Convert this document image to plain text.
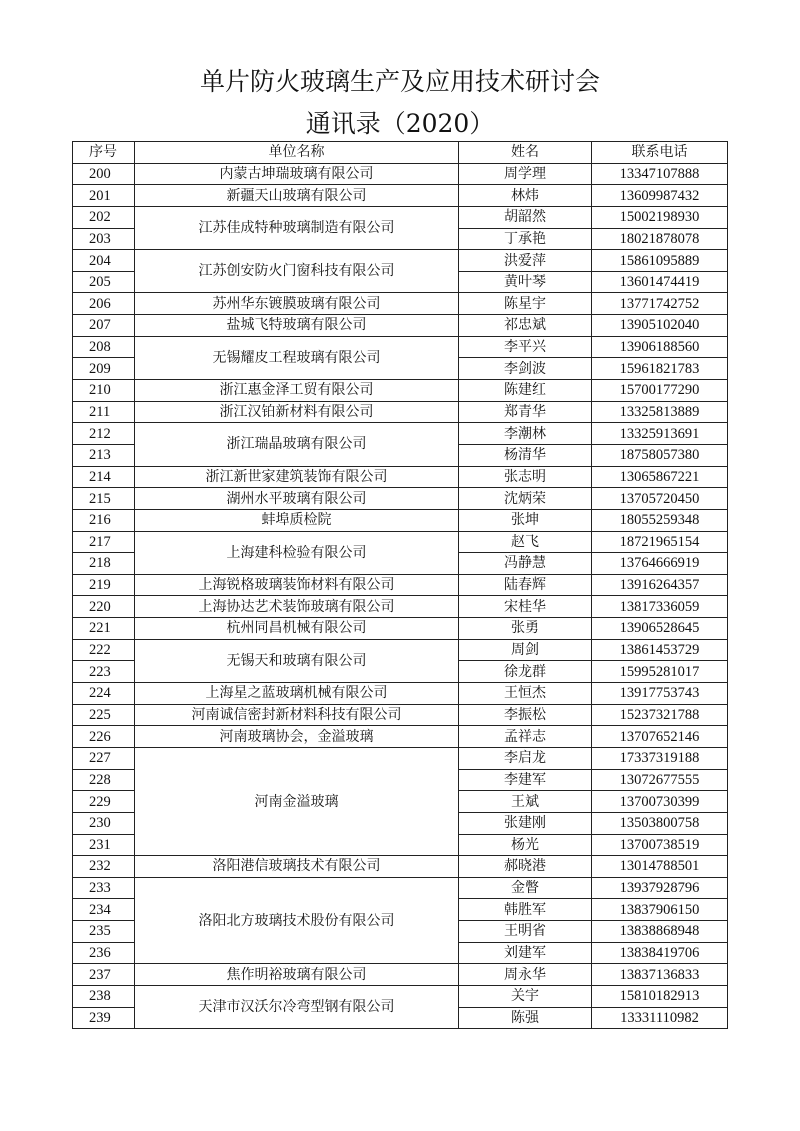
单片防火玻璃生产及应用技术研讨会
通讯录（2020）
序号	单位名称	姓名	联系电话
200	内蒙古坤瑞玻璃有限公司	周学理	13347107888
201	新疆天山玻璃有限公司	林炜	13609987432
202	江苏佳成特种玻璃制造有限公司	胡韶然	15002198930
203		丁承艳	18021878078
204	江苏创安防火门窗科技有限公司	洪爱萍	15861095889
205		黄叶琴	13601474419
206	苏州华东镀膜玻璃有限公司	陈星宇	13771742752
207	盐城飞特玻璃有限公司	祁忠斌	13905102040
208	无锡耀皮工程玻璃有限公司	李平兴	13906188560
209		李剑波	15961821783
210	浙江惠金泽工贸有限公司	陈建红	15700177290
211	浙江汉铂新材料有限公司	郑青华	13325813889
212	浙江瑞晶玻璃有限公司	李潮林	13325913691
213		杨清华	18758057380
214	浙江新世家建筑装饰有限公司	张志明	13065867221
215	湖州水平玻璃有限公司	沈炳荣	13705720450
216	蚌埠质检院	张坤	18055259348
217	上海建科检验有限公司	赵飞	18721965154
218		冯静慧	13764666919
219	上海锐格玻璃装饰材料有限公司	陆春辉	13916264357
220	上海协达艺术装饰玻璃有限公司	宋桂华	13817336059
221	杭州同昌机械有限公司	张勇	13906528645
222	无锡天和玻璃有限公司	周剑	13861453729
223		徐龙群	15995281017
224	上海星之蓝玻璃机械有限公司	王恒杰	13917753743
225	河南诚信密封新材料科技有限公司	李振松	15237321788
226	河南玻璃协会，金溢玻璃	孟祥志	13707652146
227	河南金溢玻璃	李启龙	17337319188
228		李建军	13072677555
229		王斌	13700730399
230		张建刚	13503800758
231		杨光	13700738519
232	洛阳港信玻璃技术有限公司	郝晓港	13014788501
233	洛阳北方玻璃技术股份有限公司	金瞥	13937928796
234		韩胜军	13837906150
235		王明省	13838868948
236		刘建军	13838419706
237	焦作明裕玻璃有限公司	周永华	13837136833
238	天津市汉沃尔冷弯型钢有限公司	关宇	15810182913
239		陈强	13331110982
